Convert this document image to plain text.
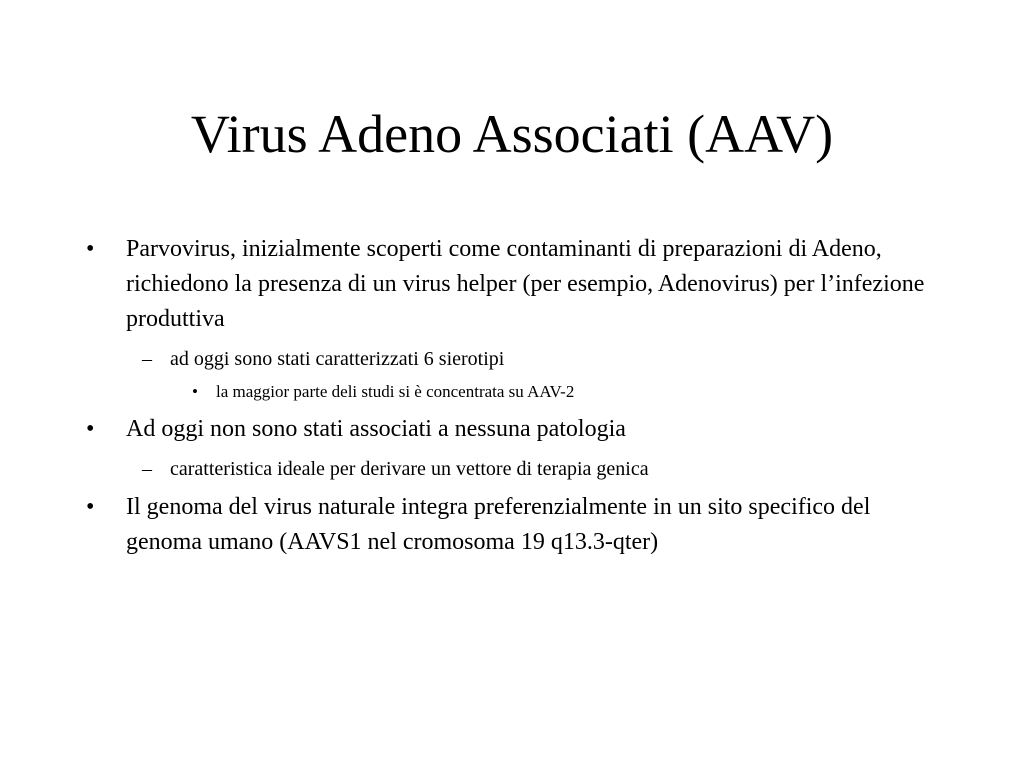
Virus Adeno Associati (AAV)
• Parvovirus, inizialmente scoperti come contaminanti di preparazioni di Adeno, richiedono la presenza di un virus helper (per esempio, Adenovirus) per l’infezione produttiva
– ad oggi sono stati caratterizzati 6 sierotipi
• la maggior parte deli studi si è concentrata su AAV-2
• Ad oggi non sono stati associati a nessuna patologia
– caratteristica ideale per derivare un vettore di terapia genica
• Il genoma del virus naturale integra preferenzialmente in un sito specifico del genoma umano (AAVS1 nel cromosoma 19 q13.3-qter)
